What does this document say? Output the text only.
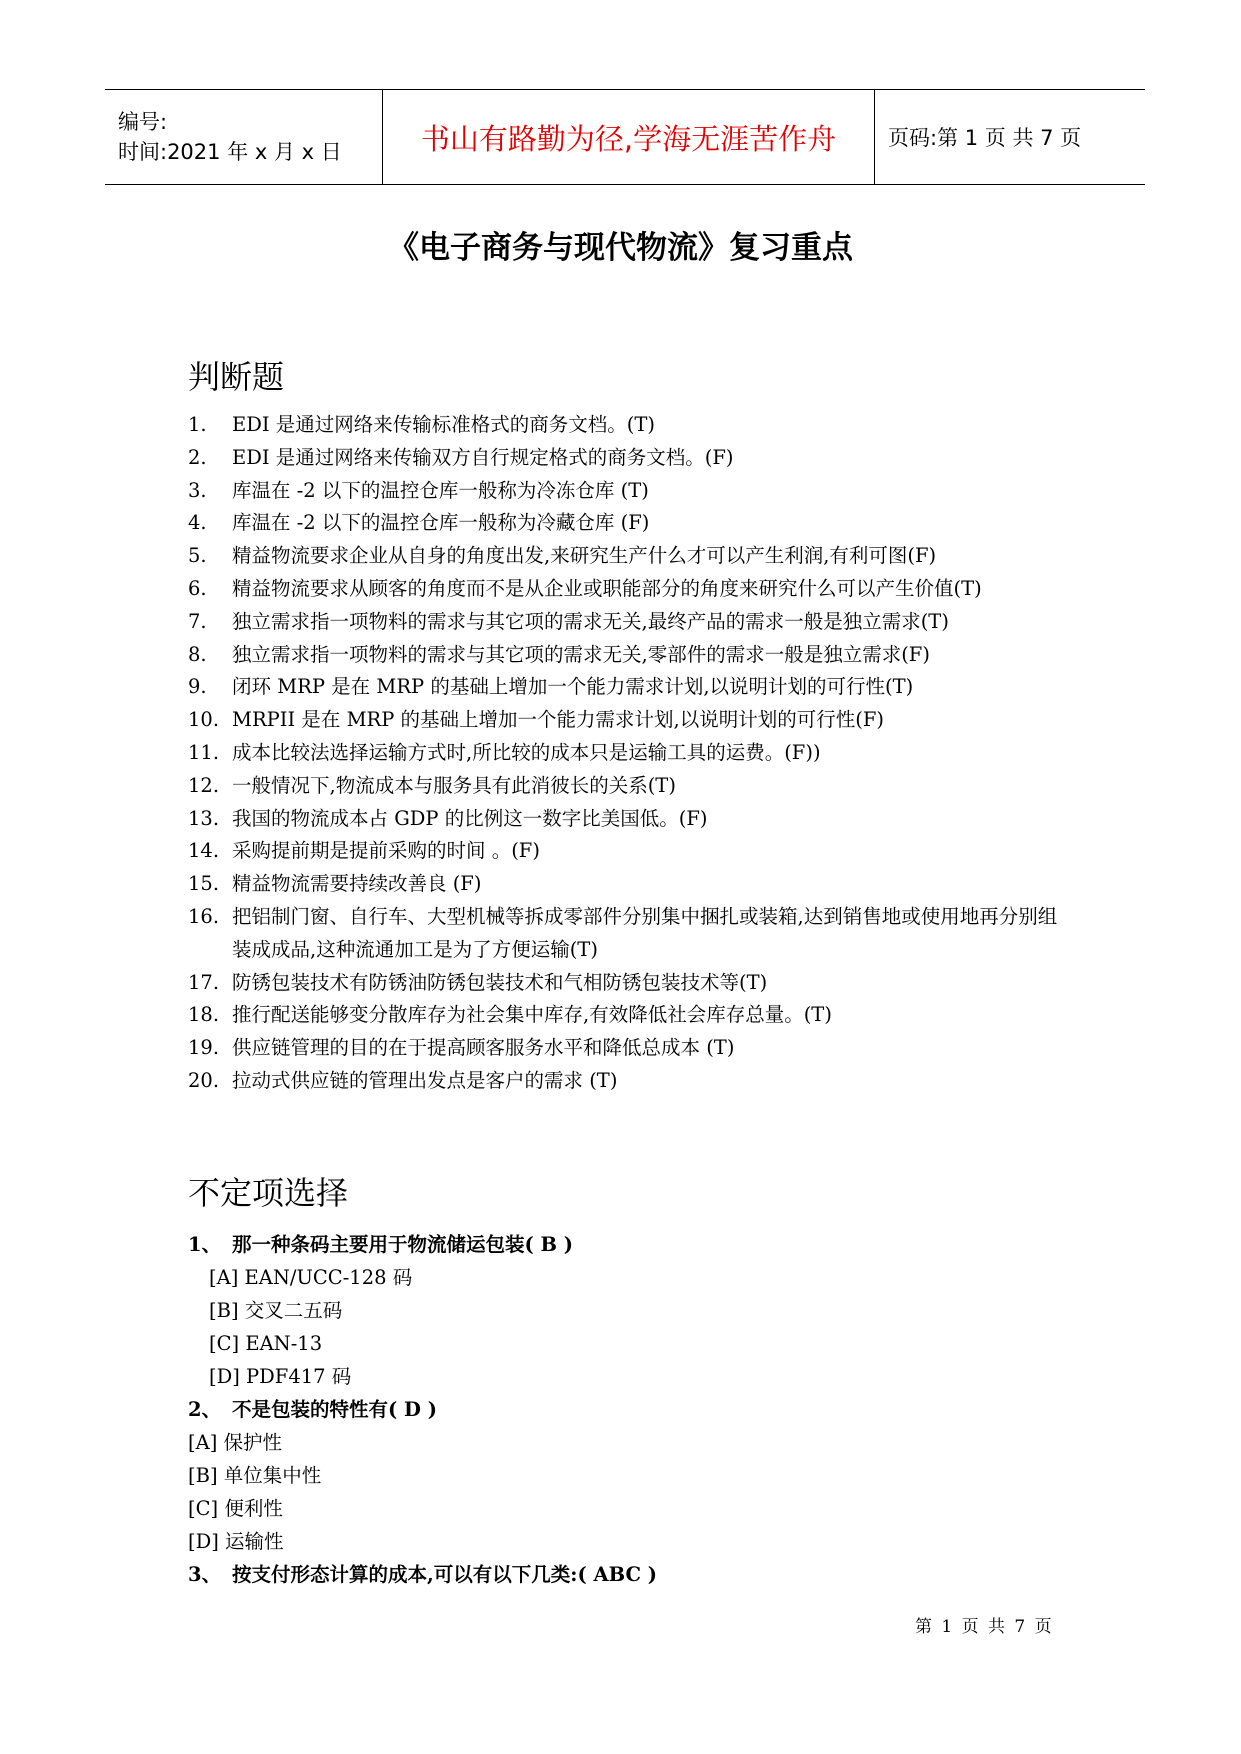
编号:
时间:2021 年 x 月 x 日	书山有路勤为径,学海无涯苦作舟 页码:第 1 页 共 7 页
《电子商务与现代物流》复习重点
判断题
1.	EDI 是通过网络来传输标准格式的商务文档。(T)
2.	EDI 是通过网络来传输双方自行规定格式的商务文档。(F)
3.	库温在 -2 以下的温控仓库一般称为冷冻仓库 (T)
4.	库温在 -2 以下的温控仓库一般称为冷藏仓库 (F)
5.	精益物流要求企业从自身的角度出发,来研究生产什么才可以产生利润,有利可图(F)
6.	精益物流要求从顾客的角度而不是从企业或职能部分的角度来研究什么可以产生价值(T)
7.	独立需求指一项物料的需求与其它项的需求无关,最终产品的需求一般是独立需求(T)
8.	独立需求指一项物料的需求与其它项的需求无关,零部件的需求一般是独立需求(F)
9.	闭环 MRP 是在 MRP 的基础上增加一个能力需求计划,以说明计划的可行性(T)
10. MRPII 是在 MRP 的基础上增加一个能力需求计划,以说明计划的可行性(F)
11. 成本比较法选择运输方式时,所比较的成本只是运输工具的运费。(F))
12. 一般情况下,物流成本与服务具有此消彼长的关系(T)
13. 我国的物流成本占 GDP 的比例这一数字比美国低。(F)
14. 采购提前期是提前采购的时间 。(F)
15. 精益物流需要持续改善良 (F)
16. 把铝制门窗、自行车、大型机械等拆成零部件分别集中捆扎或装箱,达到销售地或使用地再分别组装成成品,这种流通加工是为了方便运输(T)
17. 防锈包装技术有防锈油防锈包装技术和气相防锈包装技术等(T)
18. 推行配送能够变分散库存为社会集中库存,有效降低社会库存总量。(T)
19. 供应链管理的目的在于提高顾客服务水平和降低总成本 (T)
20. 拉动式供应链的管理出发点是客户的需求 (T)
不定项选择
1、 那一种条码主要用于物流储运包装( B )
[A] EAN/UCC-128 码
[B] 交叉二五码
[C] EAN-13
[D] PDF417 码
2、 不是包装的特性有( D )
[A] 保护性
[B] 单位集中性
[C] 便利性
[D] 运输性
3、 按支付形态计算的成本,可以有以下几类:( ABC )
第 1 页 共 7 页
